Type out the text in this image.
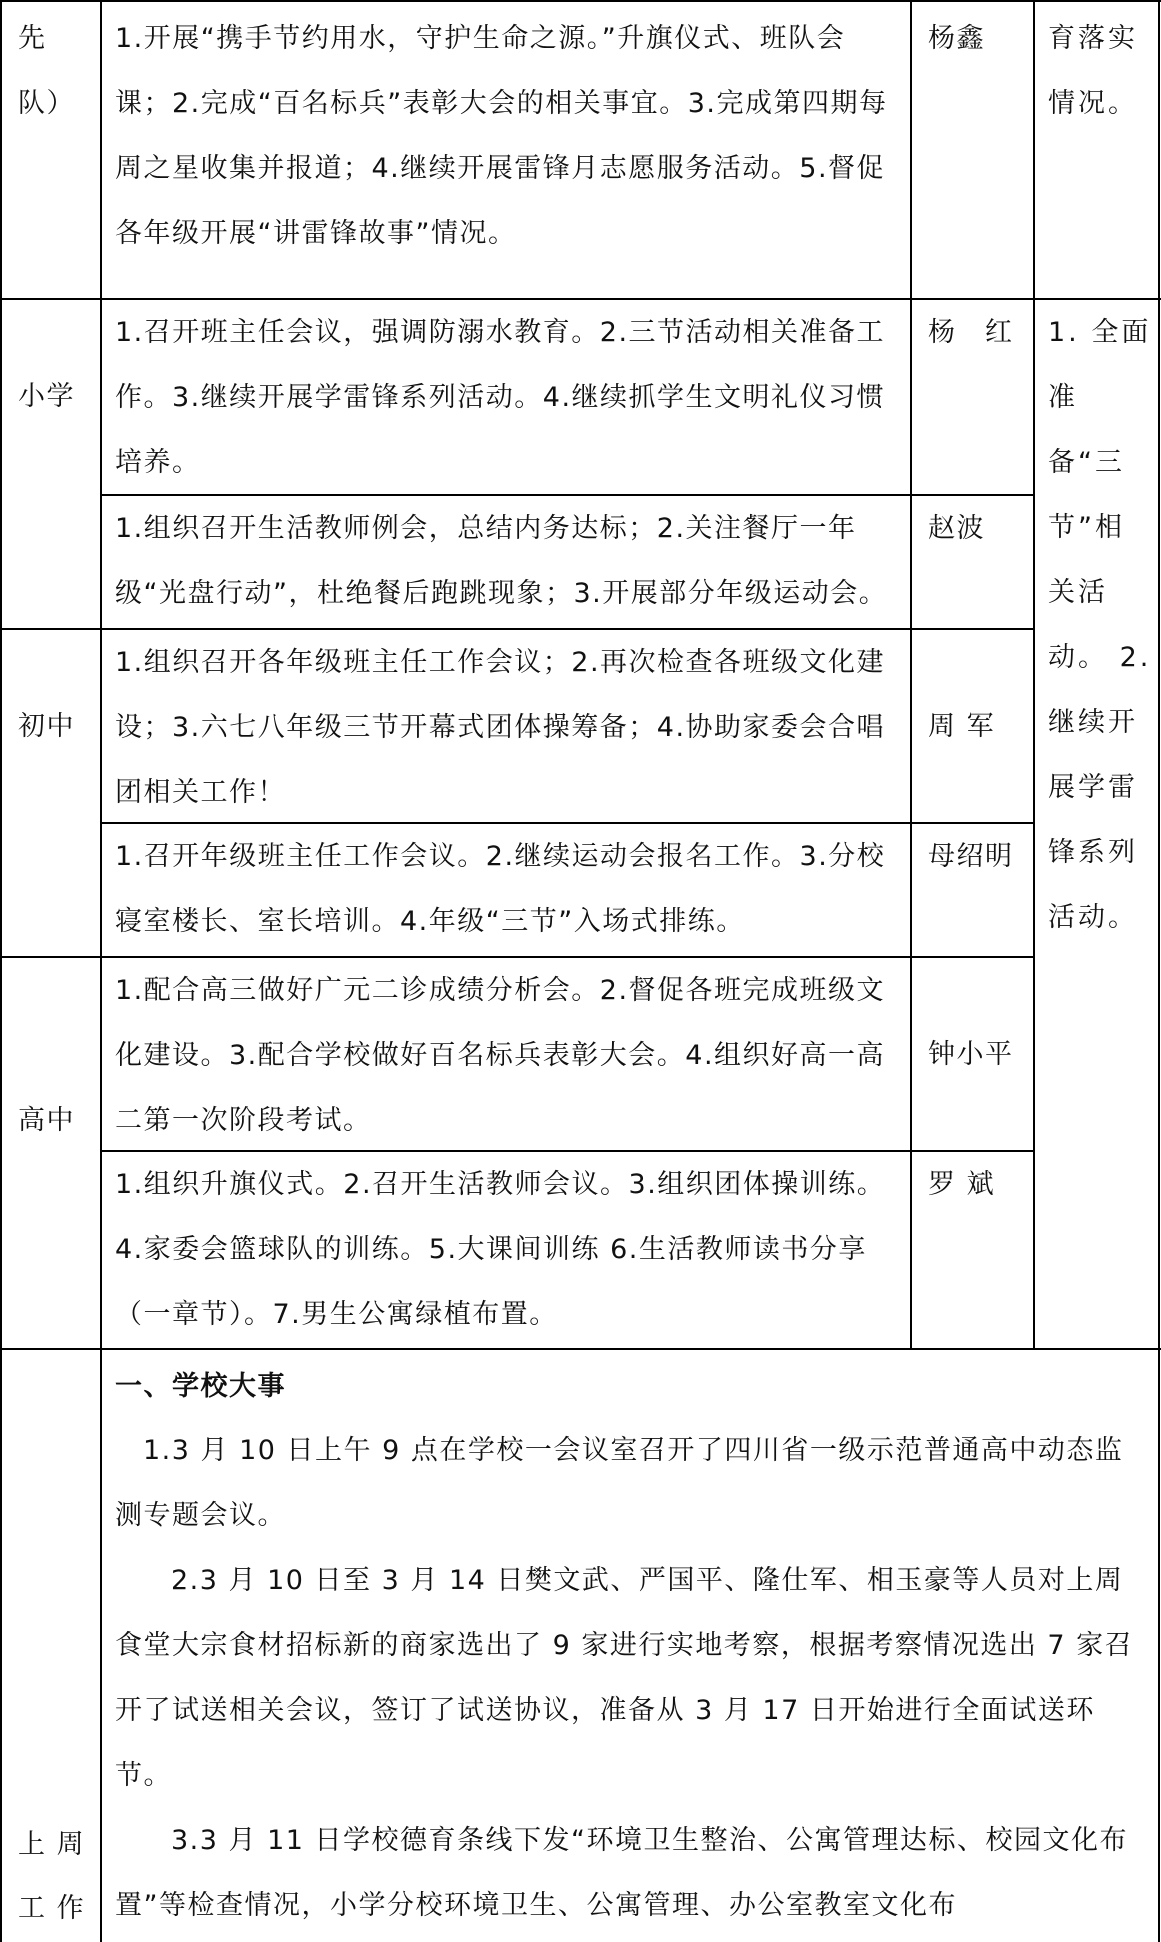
先
队）
1.开展“携手节约用水，守护生命之源。”升旗仪式、班队会课；2.完成“百名标兵”表彰大会的相关事宜。3.完成第四期每周之星收集并报道；4.继续开展雷锋月志愿服务活动。5.督促各年级开展“讲雷锋故事”情况。
杨鑫 育落实情况。
小学
1.召开班主任会议，强调防溺水教育。2.三节活动相关准备工作。3.继续开展学雷锋系列活动。4.继续抓学生文明礼仪习惯培养。
杨　红
1.组织召开生活教师例会，总结内务达标；2.关注餐厅一年级“光盘行动”，杜绝餐后跑跳现象；3.开展部分年级运动会。
赵波
1. 全面准备“三节”相关活动。 2. 继续开展学雷锋系列活动。
初中
1.组织召开各年级班主任工作会议；2.再次检查各班级文化建设；3.六七八年级三节开幕式团体操筹备；4.协助家委会合唱团相关工作！
周 军
1.召开年级班主任工作会议。2.继续运动会报名工作。3.分校寝室楼长、室长培训。4.年级“三节”入场式排练。
母绍明
高中
1.配合高三做好广元二诊成绩分析会。2.督促各班完成班级文化建设。3.配合学校做好百名标兵表彰大会。4.组织好高一高二第一次阶段考试。
钟小平
1.组织升旗仪式。2.召开生活教师会议。3.组织团体操训练。4.家委会篮球队的训练。5.大课间训练 6.生活教师读书分享（一章节）。7.男生公寓绿植布置。
罗 斌
上 周
工 作
一、学校大事
1.3 月 10 日上午 9 点在学校一会议室召开了四川省一级示范普通高中动态监测专题会议。
2.3 月 10 日至 3 月 14 日樊文武、严国平、隆仕军、相玉豪等人员对上周食堂大宗食材招标新的商家选出了 9 家进行实地考察，根据考察情况选出 7 家召开了试送相关会议，签订了试送协议，准备从 3 月 17 日开始进行全面试送环节。
3.3 月 11 日学校德育条线下发“环境卫生整治、公寓管理达标、校园文化布置”等检查情况，小学分校环境卫生、公寓管理、办公室教室文化布
